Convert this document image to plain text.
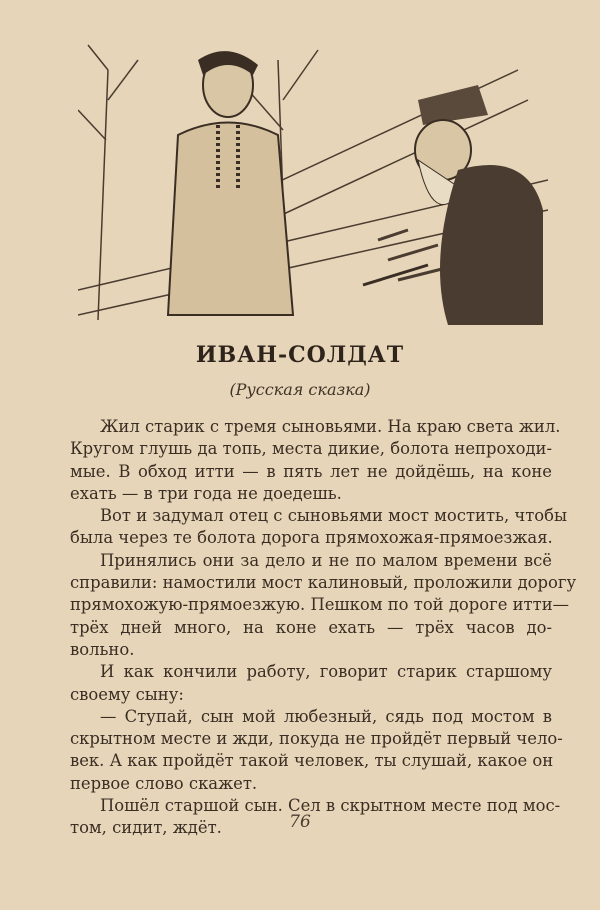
ИВАН-СОЛДАТ
(Русская сказка)
Жил старик с тремя сыновьями. На краю света жил.
Кругом глушь да топь, места дикие, болота непроходи-
мые. В обход итти — в пять лет не дойдёшь, на коне
ехать — в три года не доедешь.
Вот и задумал отец с сыновьями мост мостить, чтобы
была через те болота дорога прямохожая-прямоезжая.
Принялись они за дело и не по малом времени всё
справили: намостили мост калиновый, проложили дорогу
прямохожую-прямоезжую. Пешком по той дороге итти—
трёх дней много, на коне ехать — трёх часов до-
вольно.
И как кончили работу, говорит старик старшому
своему сыну:
— Ступай, сын мой любезный, сядь под мостом в
скрытном месте и жди, покуда не пройдёт первый чело-
век. А как пройдёт такой человек, ты слушай, какое он
первое слово скажет.
Пошёл старшой сын. Сел в скрытном месте под мос-
том, сидит, ждёт.	76
